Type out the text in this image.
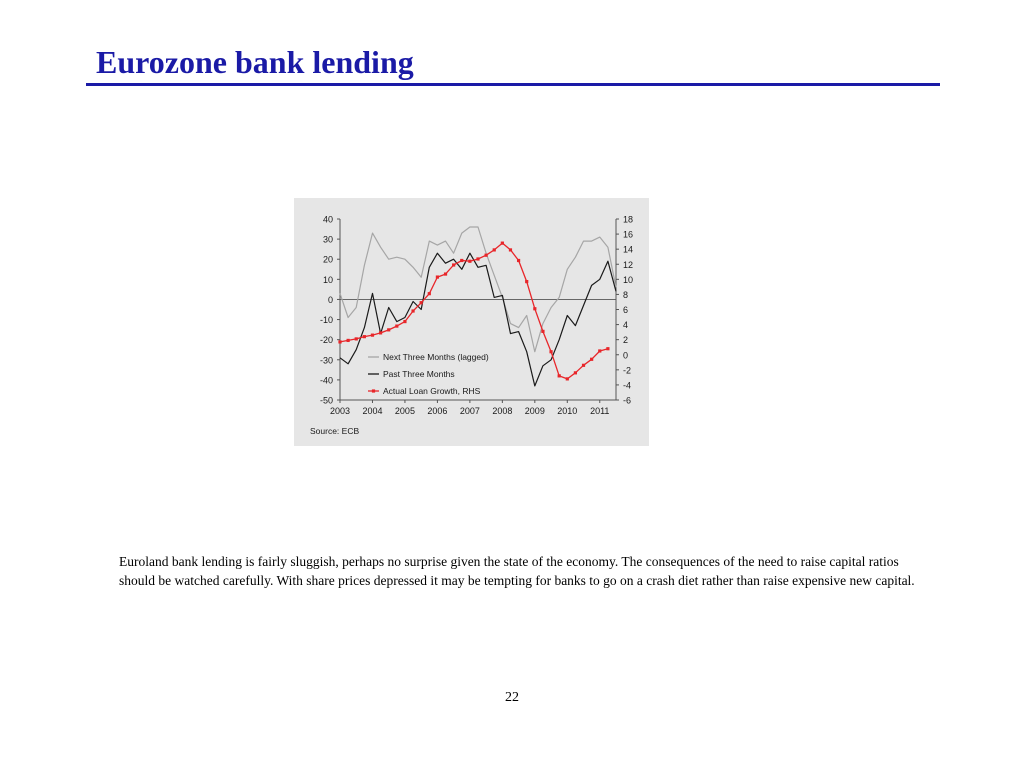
Eurozone bank lending
40
30
20
10
0
-10
-20
-30
-40
-50
18
16
14
12
10
8
6
4
2
0
-2
-4
-6
2003 2004 2005 2006 2007 2008 2009 2010 2011
Next Three Months (lagged)
Past Three Months
Actual Loan Growth, RHS
Source: ECB

Euroland bank lending is fairly sluggish, perhaps no surprise given the state of the economy. The consequences of the need to raise capital ratios should be watched carefully. With share prices depressed it may be tempting for banks to go on a crash diet rather than raise expensive new capital.

22
